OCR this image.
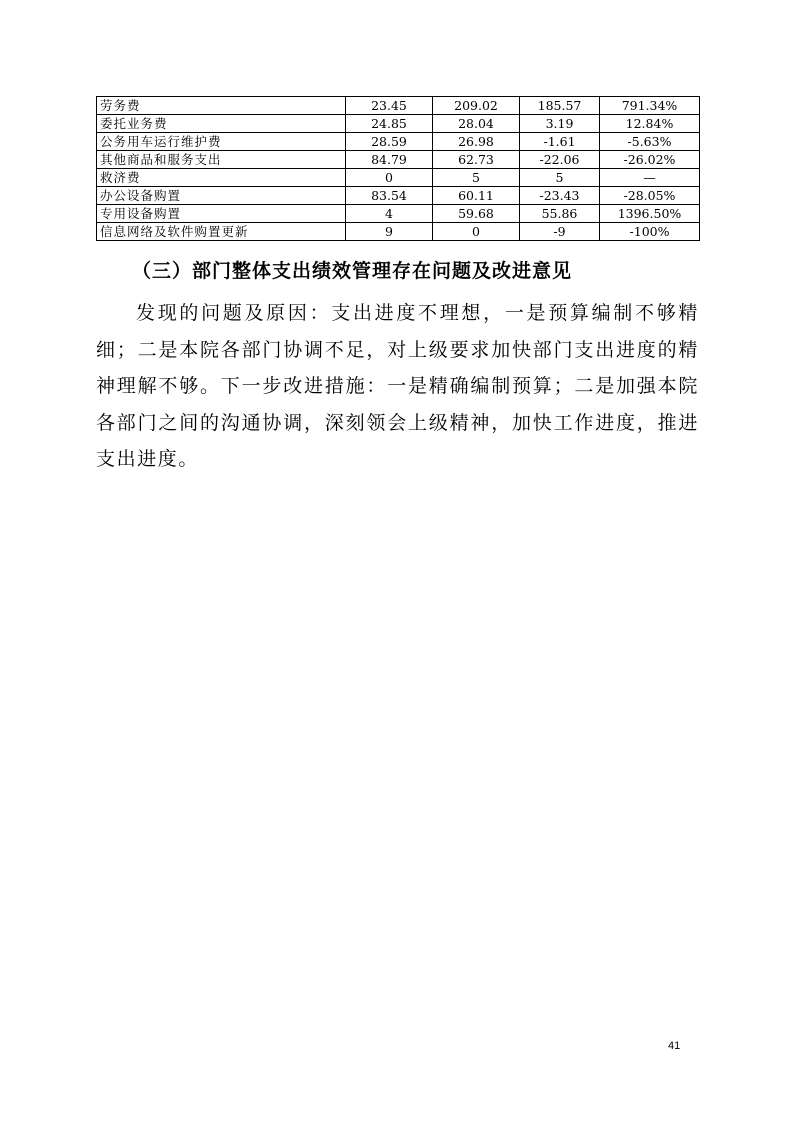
劳务费	23.45	209.02	185.57	791.34%
委托业务费	24.85	28.04	3.19	12.84%
公务用车运行维护费	28.59	26.98	-1.61	-5.63%
其他商品和服务支出	84.79	62.73	-22.06	-26.02%
救济费	0	5	5	—
办公设备购置	83.54	60.11	-23.43	-28.05%
专用设备购置	4	59.68	55.86	1396.50%
信息网络及软件购置更新	9	0	-9	-100%
（三）部门整体支出绩效管理存在问题及改进意见

发现的问题及原因：支出进度不理想，一是预算编制不够精细；二是本院各部门协调不足，对上级要求加快部门支出进度的精神理解不够。下一步改进措施：一是精确编制预算；二是加强本院各部门之间的沟通协调，深刻领会上级精神，加快工作进度，推进支出进度。

41
